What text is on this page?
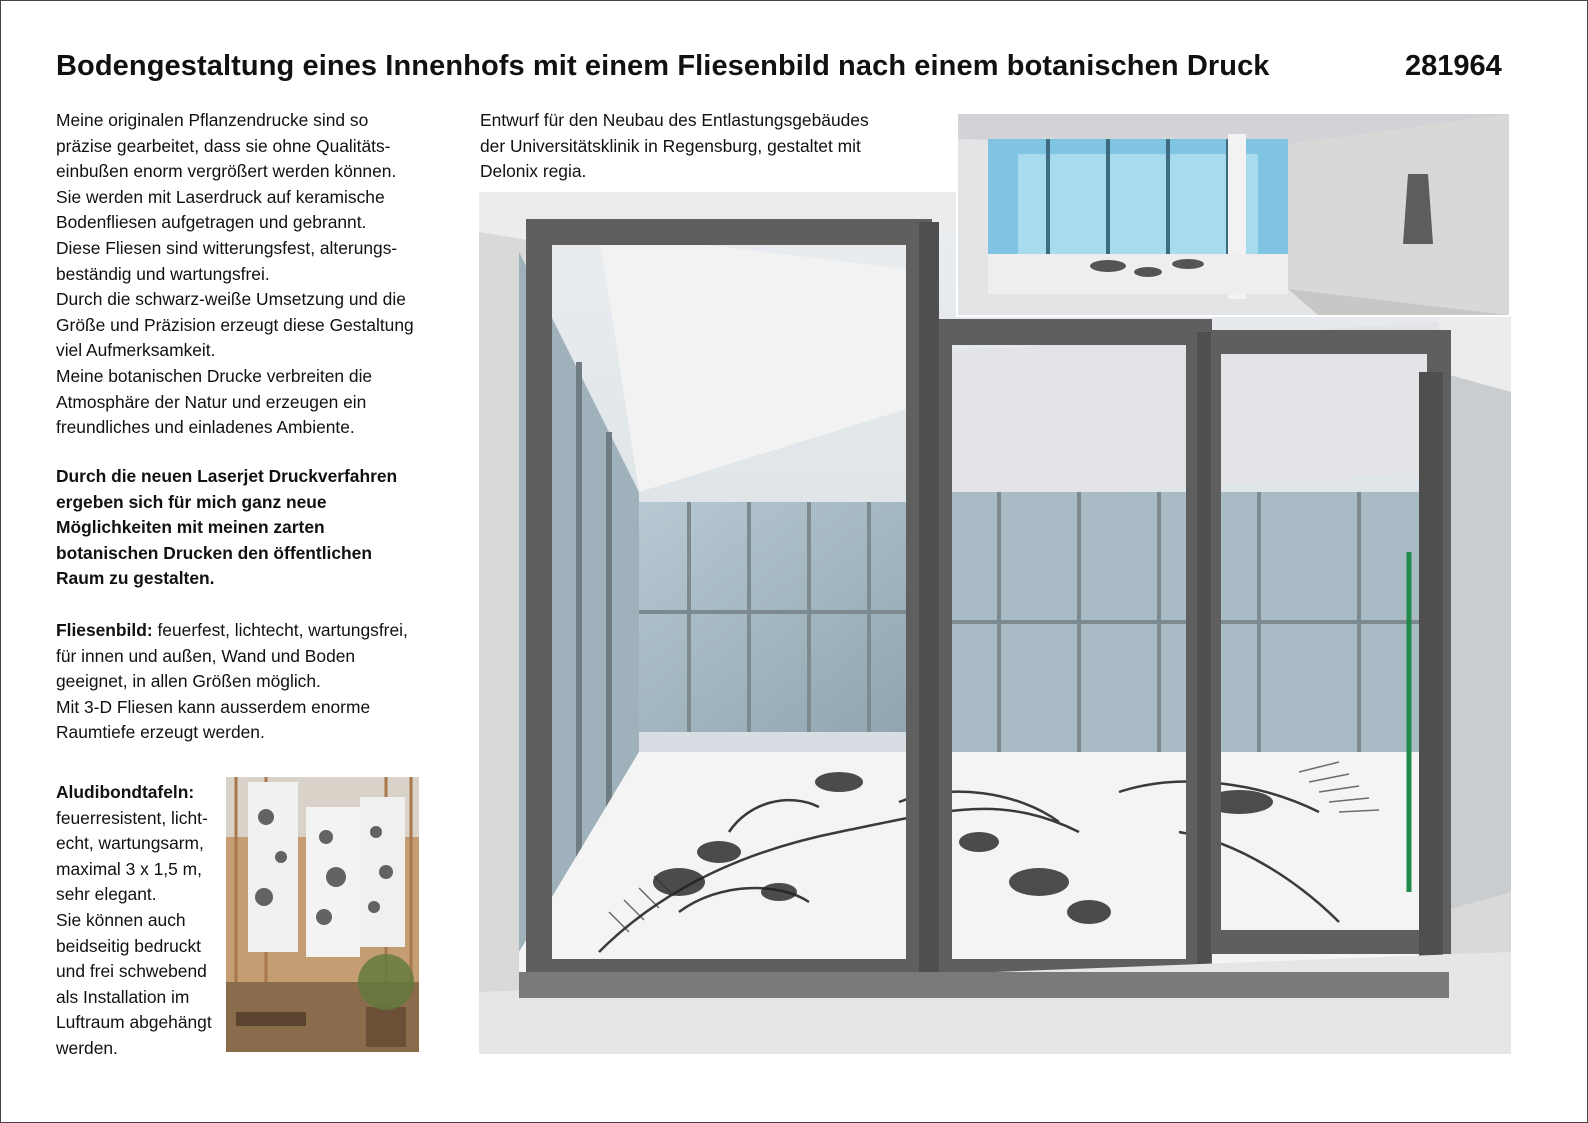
Bodengestaltung eines Innenhofs mit einem Fliesenbild nach einem botanischen Druck	281964
Meine originalen Pflanzendrucke sind so
präzise gearbeitet, dass sie ohne Qualitäts-
einbußen enorm vergrößert werden können.
Sie werden mit Laserdruck auf keramische
Bodenfliesen aufgetragen und gebrannt.
Diese Fliesen sind witterungsfest, alterungs-
beständig und wartungsfrei.
Durch die schwarz-weiße Umsetzung und die
Größe und Präzision erzeugt diese Gestaltung
viel Aufmerksamkeit.
Meine botanischen Drucke verbreiten die
Atmosphäre der Natur und erzeugen ein
freundliches und einladenes Ambiente.
Durch die neuen Laserjet Druckverfahren
ergeben sich für mich ganz neue
Möglichkeiten mit meinen zarten
botanischen Drucken den öffentlichen
Raum zu gestalten.
Fliesenbild: feuerfest, lichtecht, wartungsfrei,
für innen und außen, Wand und Boden
geeignet, in allen Größen möglich.
Mit 3-D Fliesen kann ausserdem enorme
Raumtiefe erzeugt werden.
Aludibondtafeln:
feuerresistent, licht-
echt, wartungsarm,
maximal 3 x 1,5 m,
sehr elegant.
Sie können auch
beidseitig bedruckt
und frei schwebend
als Installation im
Luftraum abgehängt
werden.
Entwurf für den Neubau des Entlastungsgebäudes
der Universitätsklinik in Regensburg, gestaltet mit
Delonix regia.
